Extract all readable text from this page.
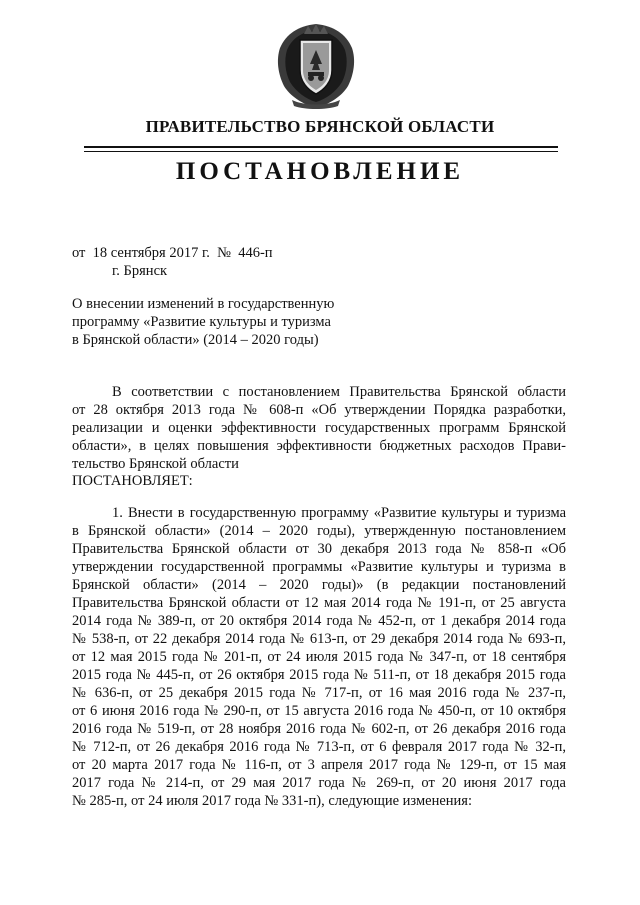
ПРАВИТЕЛЬСТВО БРЯНСКОЙ ОБЛАСТИ
ПОСТАНОВЛЕНИЕ
от  18 сентября 2017 г.  №  446-п
г. Брянск
О внесении изменений в государственную
программу «Развитие культуры и туризма
в Брянской области» (2014 – 2020 годы)
В соответствии с постановлением Правительства Брянской области
от 28 октября 2013 года № 608-п «Об утверждении Порядка разработки,
реализации и оценки эффективности государственных программ Брянской
области», в целях повышения эффективности бюджетных расходов Прави-
тельство Брянской области
ПОСТАНОВЛЯЕТ:
1. Внести в государственную программу «Развитие культуры и туризма
в Брянской области» (2014 – 2020 годы), утвержденную постановлением
Правительства Брянской области от 30 декабря 2013 года № 858-п «Об
утверждении государственной программы «Развитие культуры и туризма в
Брянской области» (2014 – 2020 годы)» (в редакции постановлений
Правительства Брянской области от 12 мая 2014 года № 191-п, от 25 августа
2014 года № 389-п, от 20 октября 2014 года № 452-п, от 1 декабря 2014 года
№ 538-п, от 22 декабря 2014 года № 613-п, от 29 декабря 2014 года № 693-п,
от 12 мая 2015 года № 201-п, от 24 июля 2015 года № 347-п, от 18 сентября
2015 года № 445-п, от 26 октября 2015 года № 511-п, от 18 декабря 2015 года
№ 636-п, от 25 декабря 2015 года № 717-п, от 16 мая 2016 года № 237-п,
от 6 июня 2016 года № 290-п, от 15 августа 2016 года № 450-п, от 10 октября
2016 года № 519-п, от 28 ноября 2016 года № 602-п, от 26 декабря 2016 года
№ 712-п, от 26 декабря 2016 года № 713-п, от 6 февраля 2017 года № 32-п,
от 20 марта 2017 года № 116-п, от 3 апреля 2017 года № 129-п, от 15 мая
2017 года № 214-п, от 29 мая 2017 года № 269-п, от 20 июня 2017 года
№ 285-п, от 24 июля 2017 года № 331-п), следующие изменения:
